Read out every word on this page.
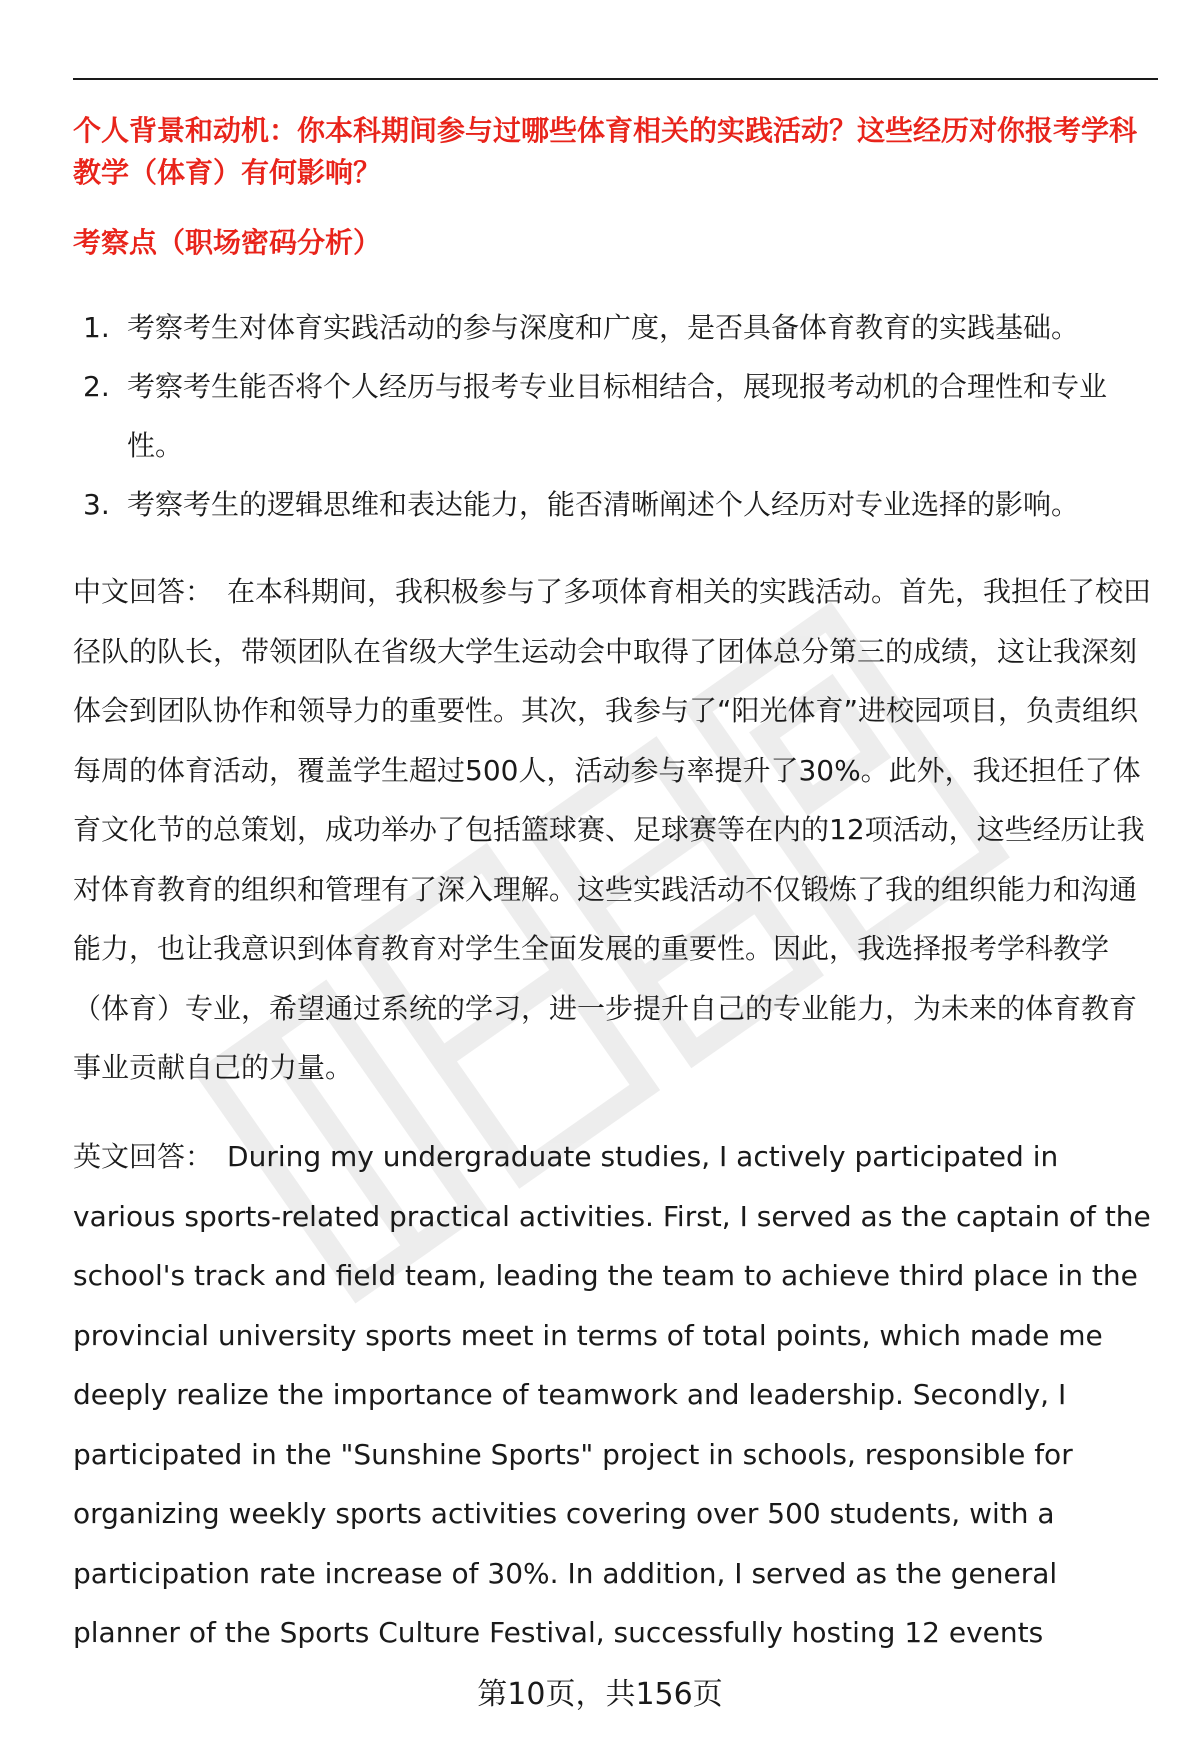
个人背景和动机：你本科期间参与过哪些体育相关的实践活动？这些经历对你报考学科教学（体育）有何影响？

考察点（职场密码分析）

1. 考察考生对体育实践活动的参与深度和广度，是否具备体育教育的实践基础。
2. 考察考生能否将个人经历与报考专业目标相结合，展现报考动机的合理性和专业性。
3. 考察考生的逻辑思维和表达能力，能否清晰阐述个人经历对专业选择的影响。

中文回答： 在本科期间，我积极参与了多项体育相关的实践活动。首先，我担任了校田径队的队长，带领团队在省级大学生运动会中取得了团体总分第三的成绩，这让我深刻体会到团队协作和领导力的重要性。其次，我参与了“阳光体育”进校园项目，负责组织每周的体育活动，覆盖学生超过500人，活动参与率提升了30%。此外，我还担任了体育文化节的总策划，成功举办了包括篮球赛、足球赛等在内的12项活动，这些经历让我对体育教育的组织和管理有了深入理解。这些实践活动不仅锻炼了我的组织能力和沟通能力，也让我意识到体育教育对学生全面发展的重要性。因此，我选择报考学科教学（体育）专业，希望通过系统的学习，进一步提升自己的专业能力，为未来的体育教育事业贡献自己的力量。

英文回答： During my undergraduate studies, I actively participated in various sports-related practical activities. First, I served as the captain of the school's track and field team, leading the team to achieve third place in the provincial university sports meet in terms of total points, which made me deeply realize the importance of teamwork and leadership. Secondly, I participated in the "Sunshine Sports" project in schools, responsible for organizing weekly sports activities covering over 500 students, with a participation rate increase of 30%. In addition, I served as the general planner of the Sports Culture Festival, successfully hosting 12 events

第10页，共156页
